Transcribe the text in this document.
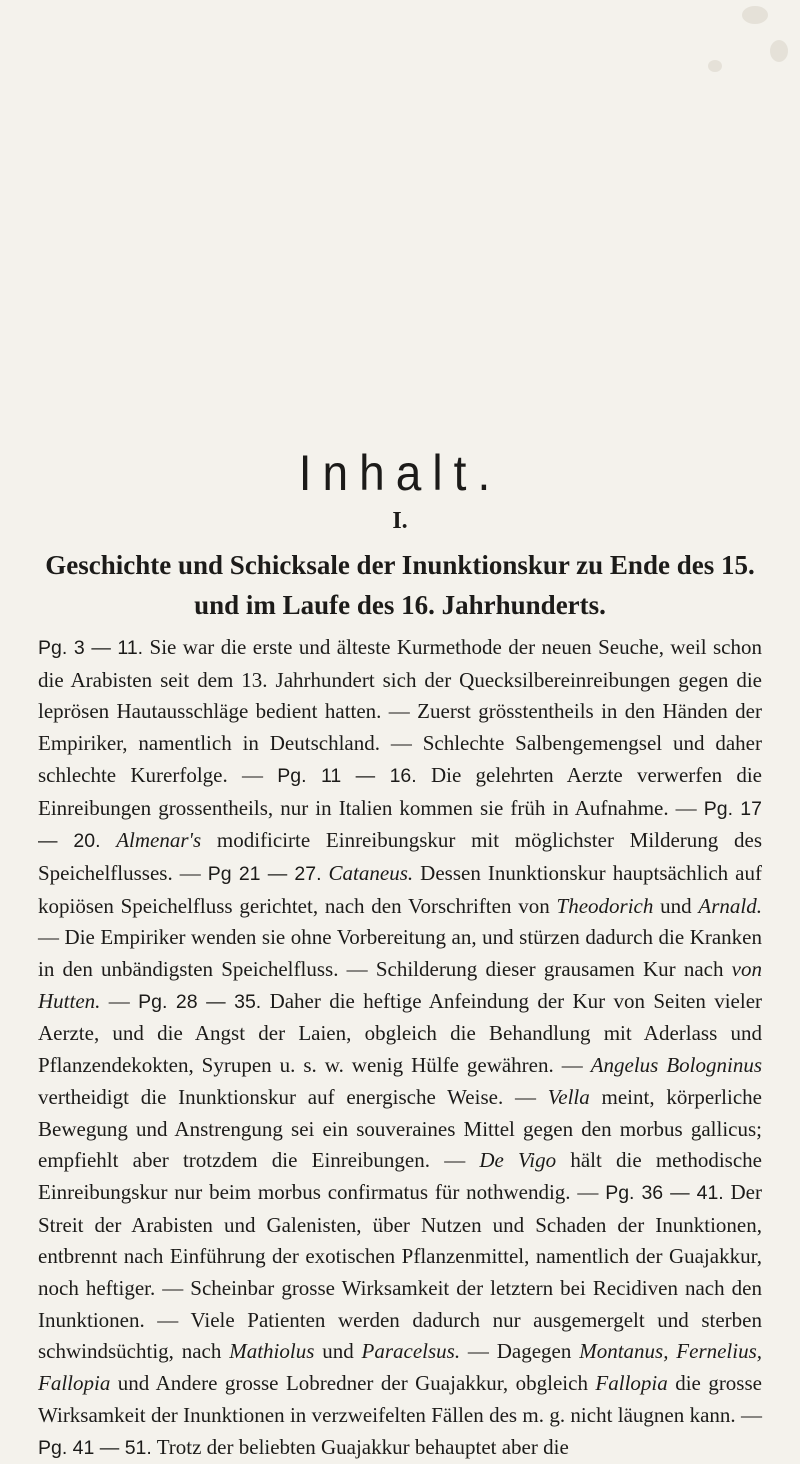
Inhalt.
I.
Geschichte und Schicksale der Inunktionskur zu Ende des 15. und im Laufe des 16. Jahrhunderts.

Pg. 3 — 11. Sie war die erste und älteste Kurmethode der neuen Seuche, weil schon die Arabisten seit dem 13. Jahrhundert sich der Quecksilbereinreibungen gegen die leprösen Hautausschläge bedient hatten. — Zuerst grösstentheils in den Händen der Empiriker, namentlich in Deutschland. — Schlechte Salbengemengsel und daher schlechte Kurerfolge. — Pg. 11 — 16. Die gelehrten Aerzte verwerfen die Einreibungen grossentheils, nur in Italien kommen sie früh in Aufnahme. — Pg. 17 — 20. Almenar's modificirte Einreibungskur mit möglichster Milderung des Speichelflusses. — Pg 21 — 27. Cataneus. Dessen Inunktionskur hauptsächlich auf kopiösen Speichelfluss gerichtet, nach den Vorschriften von Theodorich und Arnald. — Die Empiriker wenden sie ohne Vorbereitung an, und stürzen dadurch die Kranken in den unbändigsten Speichelfluss. — Schilderung dieser grausamen Kur nach von Hutten. — Pg. 28 — 35. Daher die heftige Anfeindung der Kur von Seiten vieler Aerzte, und die Angst der Laien, obgleich die Behandlung mit Aderlass und Pflanzendekokten, Syrupen u. s. w. wenig Hülfe gewähren. — Angelus Bologninus vertheidigt die Inunktionskur auf energische Weise. — Vella meint, körperliche Bewegung und Anstrengung sei ein souveraines Mittel gegen den morbus gallicus; empfiehlt aber trotzdem die Einreibungen. — De Vigo hält die methodische Einreibungskur nur beim morbus confirmatus für nothwendig. — Pg. 36 — 41. Der Streit der Arabisten und Galenisten, über Nutzen und Schaden der Inunktionen, entbrennt nach Einführung der exotischen Pflanzenmittel, namentlich der Guajakkur, noch heftiger. — Scheinbar grosse Wirksamkeit der letztern bei Recidiven nach den Inunktionen. — Viele Patienten werden dadurch nur ausgemergelt und sterben schwindsüchtig, nach Mathiolus und Paracelsus. — Dagegen Montanus, Fernelius, Fallopia und Andere grosse Lobredner der Guajakkur, obgleich Fallopia die grosse Wirksamkeit der Inunktionen in verzweifelten Fällen des m. g. nicht läugnen kann. — Pg. 41 — 51. Trotz der beliebten Guajakkur behauptet aber die
